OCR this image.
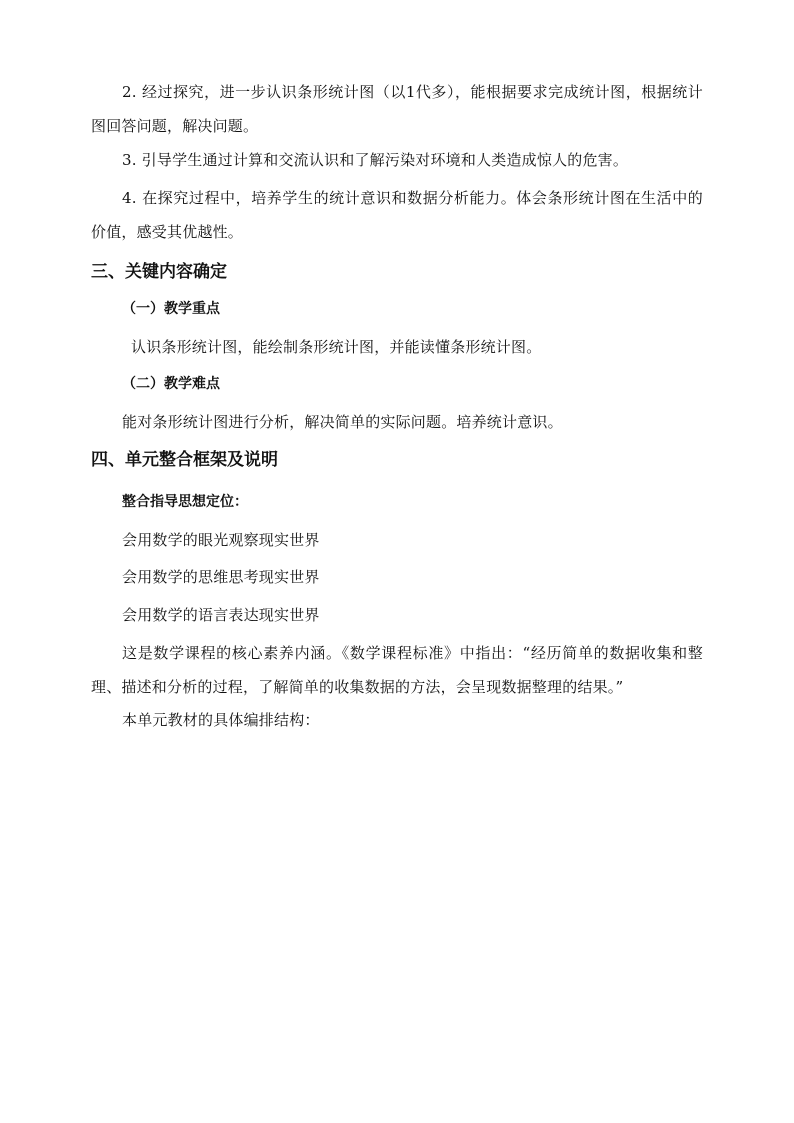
2. 经过探究，进一步认识条形统计图（以1代多），能根据要求完成统计图，根据统计图回答问题，解决问题。

3. 引导学生通过计算和交流认识和了解污染对环境和人类造成惊人的危害。

4. 在探究过程中，培养学生的统计意识和数据分析能力。体会条形统计图在生活中的价值，感受其优越性。

三、关键内容确定
（一）教学重点

认识条形统计图，能绘制条形统计图，并能读懂条形统计图。

（二）教学难点

能对条形统计图进行分析，解决简单的实际问题。培养统计意识。

四、单元整合框架及说明
整合指导思想定位：

会用数学的眼光观察现实世界

会用数学的思维思考现实世界

会用数学的语言表达现实世界

这是数学课程的核心素养内涵。《数学课程标准》中指出：“经历简单的数据收集和整理、描述和分析的过程，了解简单的收集数据的方法，会呈现数据整理的结果。”

本单元教材的具体编排结构：
